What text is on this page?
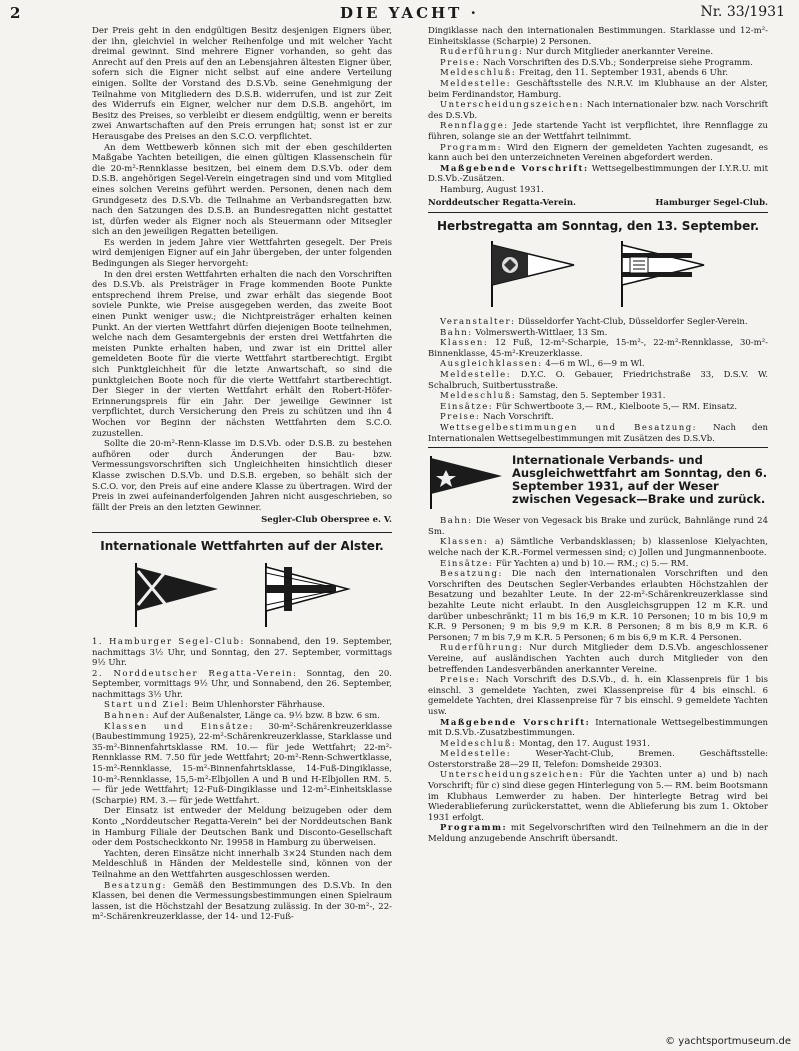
2	DIE YACHT ·	Nr. 33/1931

Der Preis geht in den endgültigen Besitz desjenigen Eigners über, der ihn, gleichviel in welcher Reihenfolge und mit welcher Yacht dreimal gewinnt. Sind mehrere Eigner vorhanden, so geht das Anrecht auf den Preis auf den an Lebensjahren ältesten Eigner über, sofern sich die Eigner nicht selbst auf eine andere Verteilung einigen. Sollte der Vorstand des D.S.Vb. seine Genehmigung der Teilnahme von Mitgliedern des D.S.B. widerrufen, und ist zur Zeit des Widerrufs ein Eigner, welcher nur dem D.S.B. angehört, im Besitz des Preises, so verbleibt er diesem endgültig, wenn er bereits zwei Anwartschaften auf den Preis errungen hat; sonst ist er zur Herausgabe des Preises an den S.C.O. verpflichtet.

An dem Wettbewerb können sich mit der eben geschilderten Maßgabe Yachten beteiligen, die einen gültigen Klassenschein für die 20-m²-Rennklasse besitzen, bei einem dem D.S.Vb. oder dem D.S.B. angehörigen Segel-Verein eingetragen sind und vom Mitglied eines solchen Vereins geführt werden. Personen, denen nach dem Grundgesetz des D.S.Vb. die Teilnahme an Verbandsregatten bzw. nach den Satzungen des D.S.B. an Bundesregatten nicht gestattet ist, dürfen weder als Eigner noch als Steuermann oder Mitsegler sich an den jeweiligen Regatten beteiligen.

Es werden in jedem Jahre vier Wettfahrten gesegelt. Der Preis wird demjenigen Eigner auf ein Jahr übergeben, der unter folgenden Bedingungen als Sieger hervorgeht:

In den drei ersten Wettfahrten erhalten die nach den Vorschriften des D.S.Vb. als Preisträger in Frage kommenden Boote Punkte entsprechend ihrem Preise, und zwar erhält das siegende Boot soviele Punkte, wie Preise ausgegeben werden, das zweite Boot einen Punkt weniger usw.; die Nichtpreisträger erhalten keinen Punkt. An der vierten Wettfahrt dürfen diejenigen Boote teilnehmen, welche nach dem Gesamtergebnis der ersten drei Wettfahrten die meisten Punkte erhalten haben, und zwar ist ein Drittel aller gemeldeten Boote für die vierte Wettfahrt startberechtigt. Ergibt sich Punktgleichheit für die letzte Anwartschaft, so sind die punktgleichen Boote noch für die vierte Wettfahrt startberechtigt. Der Sieger in der vierten Wettfahrt erhält den Robert-Höfer-Erinnerungspreis für ein Jahr. Der jeweilige Gewinner ist verpflichtet, durch Versicherung den Preis zu schützen und ihn 4 Wochen vor Beginn der nächsten Wettfahrten dem S.C.O. zuzustellen.

Sollte die 20-m²-Renn-Klasse im D.S.Vb. oder D.S.B. zu bestehen aufhören oder durch Änderungen der Bau- bzw. Vermessungsvorschriften sich Ungleichheiten hinsichtlich dieser Klasse zwischen D.S.Vb. und D.S.B. ergeben, so behält sich der S.C.O. vor, den Preis auf eine andere Klasse zu übertragen. Wird der Preis in zwei aufeinanderfolgenden Jahren nicht ausgeschrieben, so fällt der Preis an den letzten Gewinner.

Segler-Club Oberspree e. V.
Internationale Wettfahrten auf der Alster.

1. Hamburger Segel-Club: Sonnabend, den 19. September, nachmittags 3½ Uhr, und Sonntag, den 27. September, vormittags 9½ Uhr.

2. Norddeutscher Regatta-Verein: Sonntag, den 20. September, vormittags 9½ Uhr, und Sonnabend, den 26. September, nachmittags 3½ Uhr.

Start und Ziel: Beim Uhlenhorster Fährhause.

Bahnen: Auf der Außenalster, Länge ca. 9½ bzw. 8 bzw. 6 sm.

Klassen und Einsätze: 30-m²-Schärenkreuzerklasse (Baubestimmung 1925), 22-m²-Schärenkreuzerklasse, Starklasse und 35-m²-Binnenfahrtsklasse RM. 10.— für jede Wettfahrt; 22-m²-Rennklasse RM. 7.50 für jede Wettfahrt; 20-m²-Renn-Schwertklasse, 15-m²-Rennklasse, 15-m²-Binnenfahrtsklasse, 14-Fuß-Dingiklasse, 10-m²-Rennklasse, 15,5-m²-Elbjollen A und B und H-Elbjollen RM. 5.— für jede Wettfahrt; 12-Fuß-Dingiklasse und 12-m²-Einheitsklasse (Scharpie) RM. 3.— für jede Wettfahrt.

Der Einsatz ist entweder der Meldung beizugeben oder dem Konto „Norddeutscher Regatta-Verein“ bei der Norddeutschen Bank in Hamburg Filiale der Deutschen Bank und Disconto-Gesellschaft oder dem Postscheckkonto Nr. 19958 in Hamburg zu überweisen.

Yachten, deren Einsätze nicht innerhalb 3×24 Stunden nach dem Meldeschluß in Händen der Meldestelle sind, können von der Teilnahme an den Wettfahrten ausgeschlossen werden.

Besatzung: Gemäß den Bestimmungen des D.S.Vb. In den Klassen, bei denen die Vermessungsbestimmungen einen Spielraum lassen, ist die Höchstzahl der Besatzung zulässig. In der 30-m²-, 22-m²-Schärenkreuzerklasse, der 14- und 12-Fuß-

Dingiklasse nach den internationalen Bestimmungen. Starklasse und 12-m²-Einheitsklasse (Scharpie) 2 Personen.

Ruderführung: Nur durch Mitglieder anerkannter Vereine.

Preise: Nach Vorschriften des D.S.Vb.; Sonderpreise siehe Programm.

Meldeschluß: Freitag, den 11. September 1931, abends 6 Uhr.

Meldestelle: Geschäftsstelle des N.R.V. im Klubhause an der Alster, beim Ferdinandstor, Hamburg.

Unterscheidungszeichen: Nach internationaler bzw. nach Vorschrift des D.S.Vb.

Rennflagge: Jede startende Yacht ist verpflichtet, ihre Rennflagge zu führen, solange sie an der Wettfahrt teilnimmt.

Programm: Wird den Eignern der gemeldeten Yachten zugesandt, es kann auch bei den unterzeichneten Vereinen abgefordert werden.

Maßgebende Vorschrift: Wettsegelbestimmungen der I.Y.R.U. mit D.S.Vb.-Zusätzen.

Hamburg, August 1931.

Norddeutscher Regatta-Verein.	Hamburger Segel-Club.
Herbstregatta am Sonntag, den 13. September.

Veranstalter: Düsseldorfer Yacht-Club, Düsseldorfer Segler-Verein.

Bahn: Volmerswerth-Wittlaer, 13 Sm.

Klassen: 12 Fuß, 12-m²-Scharpie, 15-m²-, 22-m²-Rennklasse, 30-m²-Binnenklasse, 45-m²-Kreuzerklasse.

Ausgleichklassen: 4—6 m Wl., 6—9 m Wl.

Meldestelle: D.Y.C. O. Gebauer, Friedrichstraße 33, D.S.V. W. Schalbruch, Suitbertusstraße.

Meldeschluß: Samstag, den 5. September 1931.

Einsätze: Für Schwertboote 3,— RM., Kielboote 5,— RM. Einsatz.

Preise: Nach Vorschrift.

Wettsegelbestimmungen und Besatzung: Nach den Internationalen Wettsegelbestimmungen mit Zusätzen des D.S.Vb.

Internationale Verbands- und Ausgleichwettfahrt am Sonntag, den 6. September 1931, auf der Weser zwischen Vegesack—Brake und zurück.

Bahn: Die Weser von Vegesack bis Brake und zurück, Bahnlänge rund 24 Sm.

Klassen: a) Sämtliche Verbandsklassen; b) klassenlose Kielyachten, welche nach der K.R.-Formel vermessen sind; c) Jollen und Jungmannenboote.

Einsätze: Für Yachten a) und b) 10.— RM.; c) 5.— RM.

Besatzung: Die nach den internationalen Vorschriften und den Vorschriften des Deutschen Segler-Verbandes erlaubten Höchstzahlen der Besatzung und bezahlter Leute. In der 22-m²-Schärenkreuzerklasse sind bezahlte Leute nicht erlaubt. In den Ausgleichsgruppen 12 m K.R. und darüber unbeschränkt; 11 m bis 16,9 m K.R. 10 Personen; 10 m bis 10,9 m K.R. 9 Personen; 9 m bis 9,9 m K.R. 8 Personen; 8 m bis 8,9 m K.R. 6 Personen; 7 m bis 7,9 m K.R. 5 Personen; 6 m bis 6,9 m K.R. 4 Personen.

Ruderführung: Nur durch Mitglieder dem D.S.Vb. angeschlossener Vereine, auf ausländischen Yachten auch durch Mitglieder von den betreffenden Landesverbänden anerkannter Vereine.

Preise: Nach Vorschrift des D.S.Vb., d. h. ein Klassenpreis für 1 bis einschl. 3 gemeldete Yachten, zwei Klassenpreise für 4 bis einschl. 6 gemeldete Yachten, drei Klassenpreise für 7 bis einschl. 9 gemeldete Yachten usw.

Maßgebende Vorschrift: Internationale Wettsegelbestimmungen mit D.S.Vb.-Zusatzbestimmungen.

Meldeschluß: Montag, den 17. August 1931.

Meldestelle:	Weser-Yacht-Club, Bremen. Geschäftsstelle: Osterstorstraße 28—29 II, Telefon: Domsheide 29303.

Unterscheidungszeichen: Für die Yachten unter a) und b) nach Vorschrift; für c) sind diese gegen Hinterlegung von 5.— RM. beim Bootsmann im Klubhaus Lemwerder zu haben. Der hinterlegte Betrag wird bei Wiederablieferung zurückerstattet, wenn die Ablieferung bis zum 1. Oktober 1931 erfolgt.

Programm: mit Segelvorschriften wird den Teilnehmern an die in der Meldung anzugebende Anschrift übersandt.

© yachtsportmuseum.de
